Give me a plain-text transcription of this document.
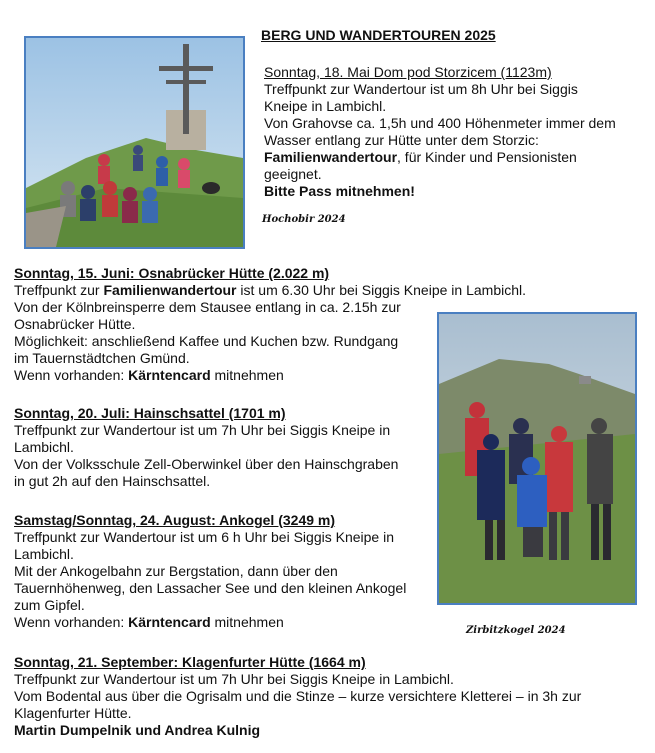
BERG UND WANDERTOUREN 2025
Hochobir 2024

Sonntag, 18. Mai Dom pod Storzicem (1123m)

Treffpunkt zur Wandertour ist um 8h Uhr bei Siggis

Kneipe in Lambichl.

Von Grahovse ca. 1,5h und 400 Höhenmeter immer dem

Wasser entlang zur Hütte unter dem Storzic:

Familienwandertour, für Kinder und Pensionisten

geeignet.

Bitte Pass mitnehmen!

Sonntag, 15. Juni: Osnabrücker Hütte (2.022 m)

Treffpunkt zur Familienwandertour ist um 6.30 Uhr bei Siggis Kneipe in Lambichl.

Von der Kölnbreinsperre dem Stausee entlang in ca. 2.15h zur

Osnabrücker Hütte.

Möglichkeit: anschließend Kaffee und Kuchen bzw. Rundgang

im Tauernstädtchen Gmünd.

Wenn vorhanden: Kärntencard mitnehmen

Zirbitzkogel 2024

Sonntag, 20. Juli: Hainschsattel (1701 m)

Treffpunkt zur Wandertour ist um 7h Uhr bei Siggis Kneipe in

Lambichl.

Von der Volksschule Zell-Oberwinkel über den Hainschgraben

in gut 2h auf den Hainschsattel.

Samstag/Sonntag, 24. August: Ankogel (3249 m)

Treffpunkt zur Wandertour ist um 6 h Uhr bei Siggis Kneipe in

Lambichl.

Mit der Ankogelbahn zur Bergstation, dann über den

Tauernhöhenweg, den Lassacher See und den kleinen Ankogel

zum Gipfel.

Wenn vorhanden: Kärntencard mitnehmen

Sonntag, 21. September: Klagenfurter Hütte (1664 m)

Treffpunkt zur Wandertour ist um 7h Uhr bei Siggis Kneipe in Lambichl.

Vom Bodental aus über die Ogrisalm und die Stinze – kurze versichtere Kletterei – in 3h zur

Klagenfurter Hütte.

Martin Dumpelnik und Andrea Kulnig
